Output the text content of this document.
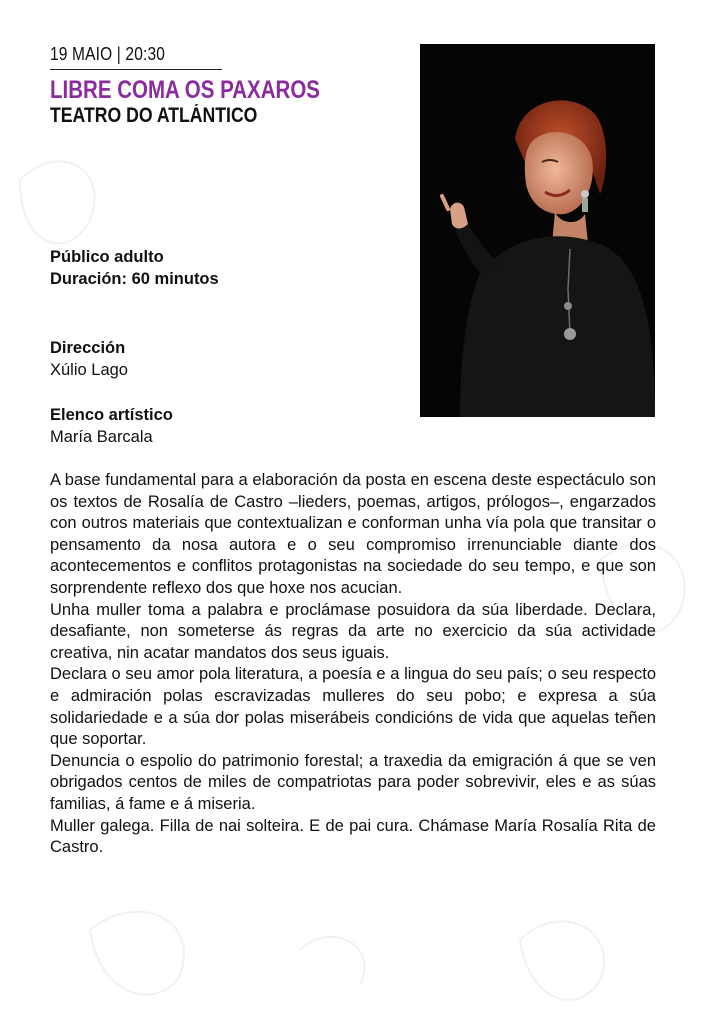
19 MAIO | 20:30
LIBRE COMA OS PAXAROS
TEATRO DO ATLÁNTICO
Público adulto
Duración: 60 minutos
Dirección
Xúlio Lago
Elenco artístico
María Barcala

A base fundamental para a elaboración da posta en escena deste espectáculo son os textos de Rosalía de Castro –lieders, poemas, artigos, prólogos–, engarzados con outros materiais que contextualizan e conforman unha vía pola que transitar o pensamento da nosa autora e o seu compromiso irrenunciable diante dos acontecementos e conflitos protagonistas na sociedade do seu tempo, e que son sorprendente reflexo dos que hoxe nos acucian.

Unha muller toma a palabra e proclámase posuidora da súa liberdade. Declara, desafiante, non someterse ás regras da arte no exercicio da súa actividade creativa, nin acatar mandatos dos seus iguais.

Declara o seu amor pola literatura, a poesía e a lingua do seu país; o seu respecto e admiración polas escravizadas mulleres do seu pobo; e expresa a súa solidariedade e a súa dor polas miserábeis condicións de vida que aquelas teñen que soportar.

Denuncia o espolio do patrimonio forestal; a traxedia da emigración á que se ven obrigados centos de miles de compatriotas para poder sobrevivir, eles e as súas familias, á fame e á miseria.

Muller galega. Filla de nai solteira. E de pai cura. Chámase María Rosalía Rita de Castro.
